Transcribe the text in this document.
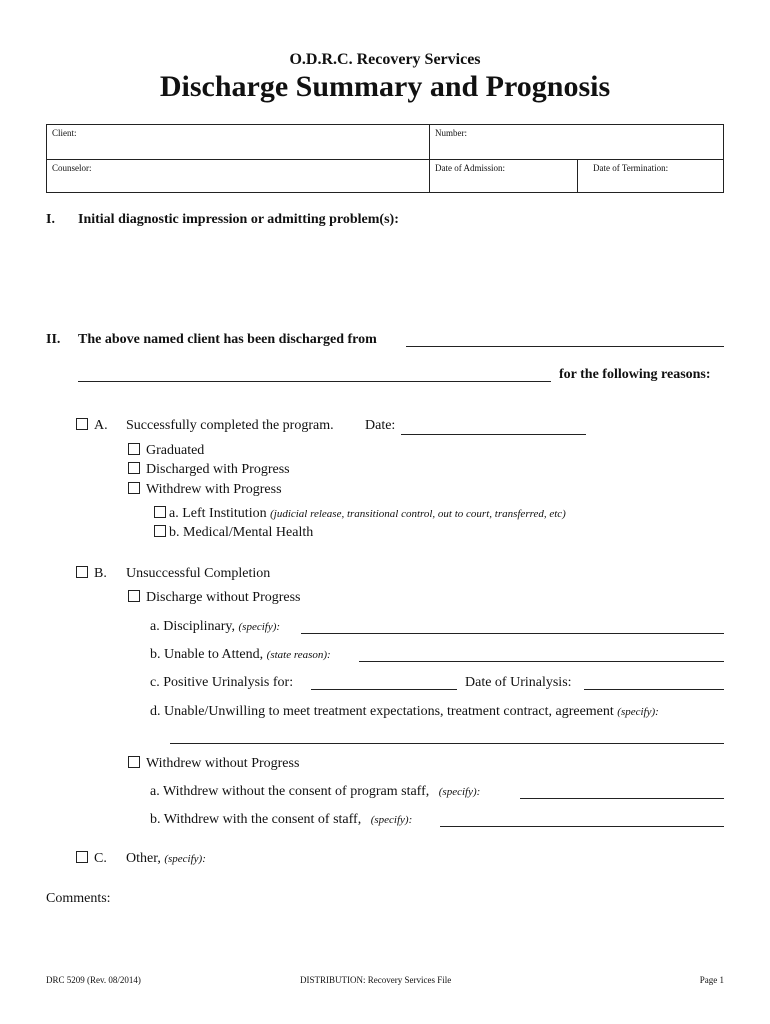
O.D.R.C. Recovery Services
Discharge Summary and Prognosis
Client:	Number:
Counselor:	Date of Admission:	Date of Termination:
I. Initial diagnostic impression or admitting problem(s):
II. The above named client has been discharged from
for the following reasons:
A. Successfully completed the program. Date:
Graduated
Discharged with Progress
Withdrew with Progress
a. Left Institution (judicial release, transitional control, out to court, transferred, etc)
b. Medical/Mental Health
B. Unsuccessful Completion
Discharge without Progress
a. Disciplinary, (specify):
b. Unable to Attend, (state reason):
c. Positive Urinalysis for:	Date of Urinalysis:
d. Unable/Unwilling to meet treatment expectations, treatment contract, agreement (specify):
Withdrew without Progress
a. Withdrew without the consent of program staff, (specify):
b. Withdrew with the consent of staff, (specify):
C. Other, (specify):
Comments:
DRC 5209 (Rev. 08/2014)	DISTRIBUTION: Recovery Services File	Page 1
